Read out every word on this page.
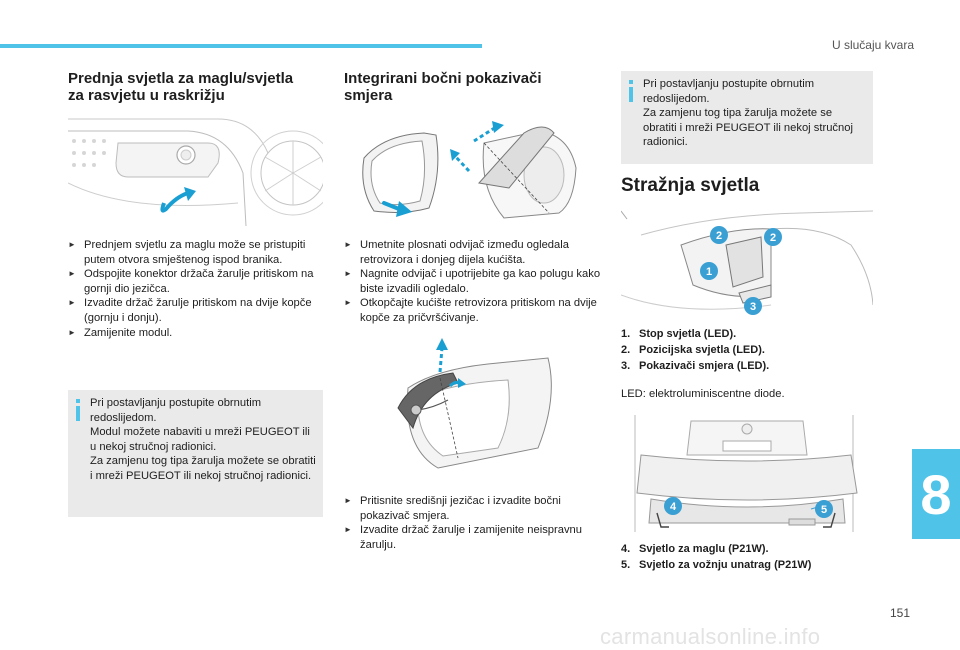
U slučaju kvara
Prednja svjetla za maglu/svjetla
za rasvjetu u raskrižju
► Prednjem svjetlu za maglu može se pristupiti putem otvora smještenog ispod branika.
► Odspojite konektor držača žarulje pritiskom na gornji dio jezičca.
► Izvadite držač žarulje pritiskom na dvije kopče (gornju i donju).
► Zamijenite modul.
Pri postavljanju postupite obrnutim redoslijedom.
Modul možete nabaviti u mreži PEUGEOT ili u nekoj stručnoj radionici.
Za zamjenu tog tipa žarulja možete se obratiti i mreži PEUGEOT ili nekoj stručnoj radionici.
Integrirani bočni pokazivači
smjera
► Umetnite plosnati odvijač između ogledala retrovizora i donjeg dijela kućišta.
► Nagnite odvijač i upotrijebite ga kao polugu kako biste izvadili ogledalo.
► Otkopčajte kućište retrovizora pritiskom na dvije kopče za pričvršćivanje.
► Pritisnite središnji jezičac i izvadite bočni pokazivač smjera.
► Izvadite držač žarulje i zamijenite neispravnu žarulju.
Pri postavljanju postupite obrnutim redoslijedom.
Za zamjenu tog tipa žarulja možete se obratiti i mreži PEUGEOT ili nekoj stručnoj radionici.
Stražnja svjetla
2	2
1
3
1. Stop svjetla (LED).
2. Pozicijska svjetla (LED).
3. Pokazivači smjera (LED).
LED: elektroluminiscentne diode.
4	5
4. Svjetlo za maglu (P21W).
5. Svjetlo za vožnju unatrag (P21W)
8
151
carmanualsonline.info
